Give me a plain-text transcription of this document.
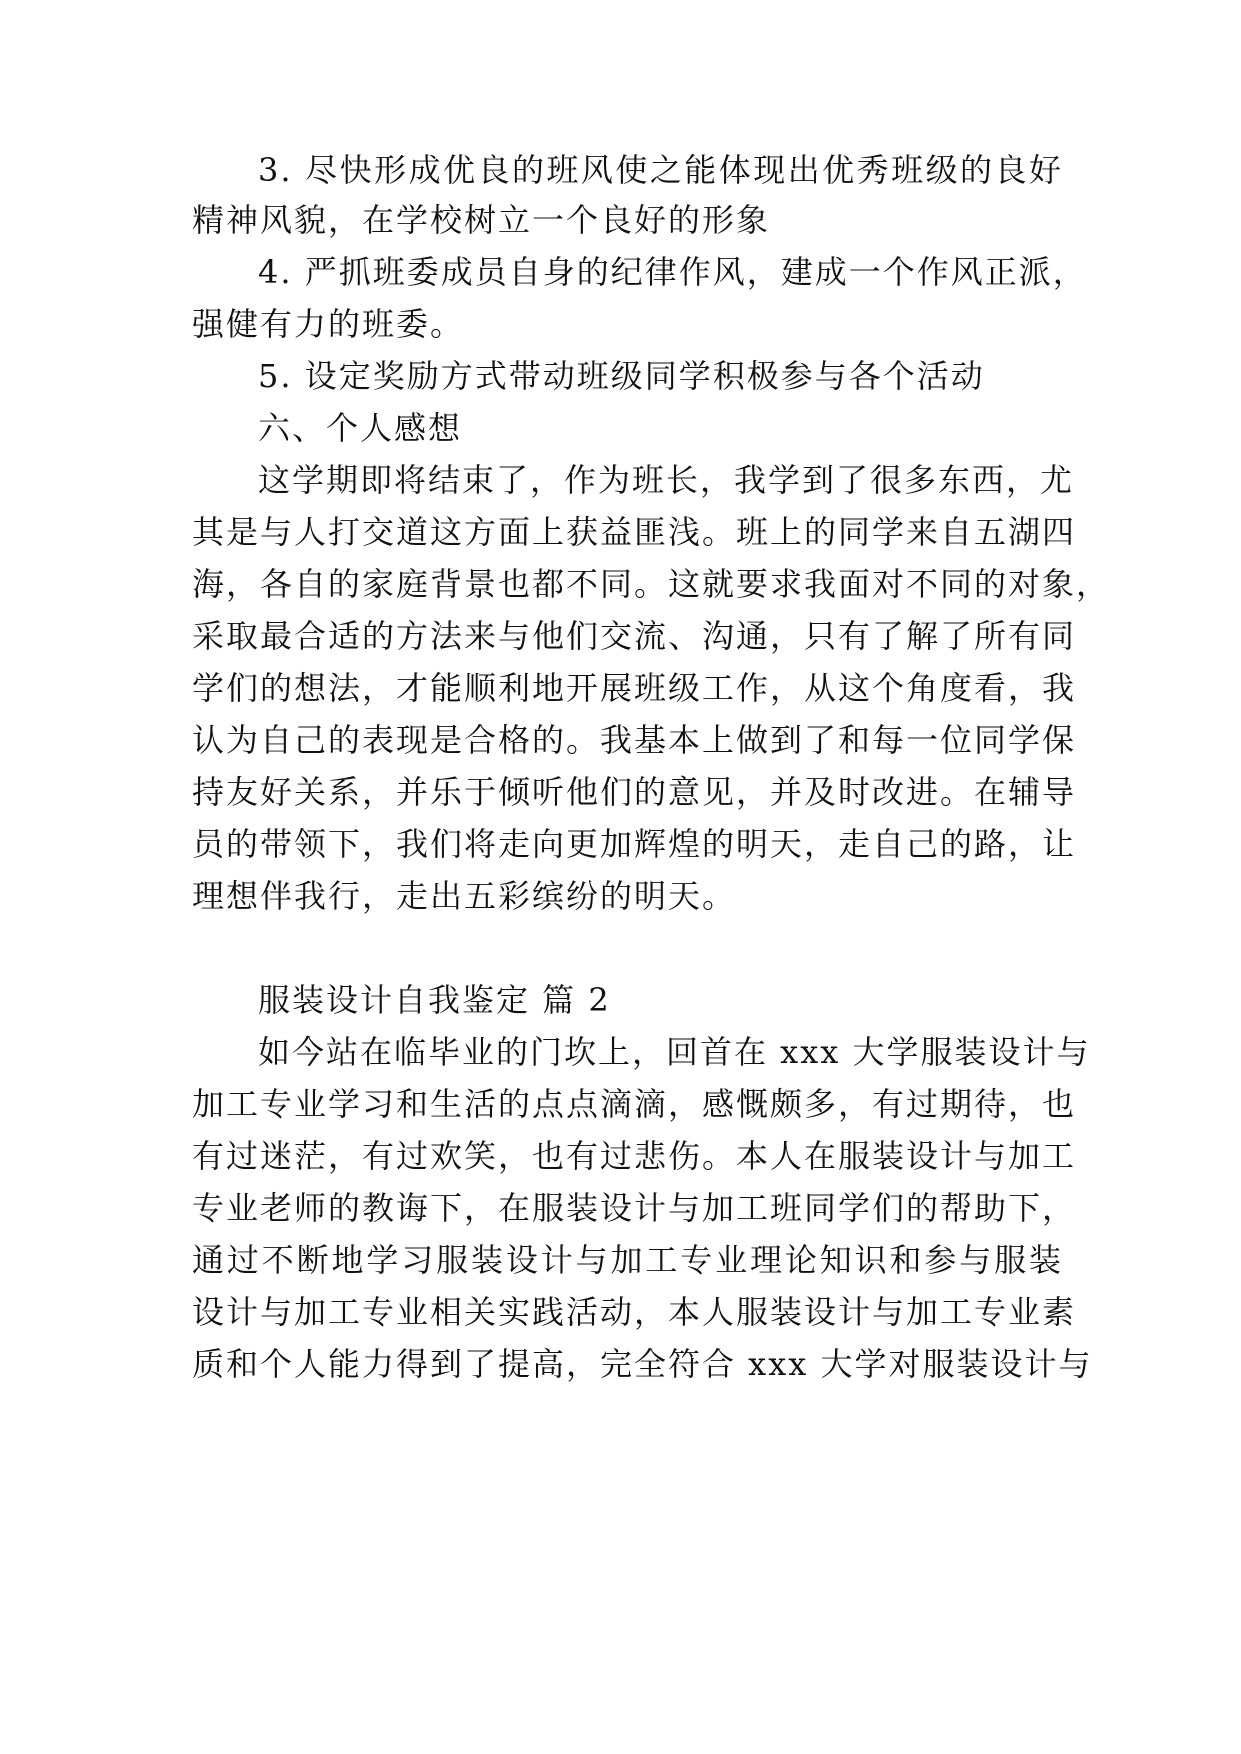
3. 尽快形成优良的班风使之能体现出优秀班级的良好
精神风貌，在学校树立一个良好的形象
4. 严抓班委成员自身的纪律作风，建成一个作风正派，
强健有力的班委。
5. 设定奖励方式带动班级同学积极参与各个活动
六、个人感想
这学期即将结束了，作为班长，我学到了很多东西，尤
其是与人打交道这方面上获益匪浅。班上的同学来自五湖四
海，各自的家庭背景也都不同。这就要求我面对不同的对象，
采取最合适的方法来与他们交流、沟通，只有了解了所有同
学们的想法，才能顺利地开展班级工作，从这个角度看，我
认为自己的表现是合格的。我基本上做到了和每一位同学保
持友好关系，并乐于倾听他们的意见，并及时改进。在辅导
员的带领下，我们将走向更加辉煌的明天，走自己的路，让
理想伴我行，走出五彩缤纷的明天。
服装设计自我鉴定 篇 2
如今站在临毕业的门坎上，回首在 xxx 大学服装设计与
加工专业学习和生活的点点滴滴，感慨颇多，有过期待，也
有过迷茫，有过欢笑，也有过悲伤。本人在服装设计与加工
专业老师的教诲下，在服装设计与加工班同学们的帮助下，
通过不断地学习服装设计与加工专业理论知识和参与服装
设计与加工专业相关实践活动，本人服装设计与加工专业素
质和个人能力得到了提高，完全符合 xxx 大学对服装设计与
